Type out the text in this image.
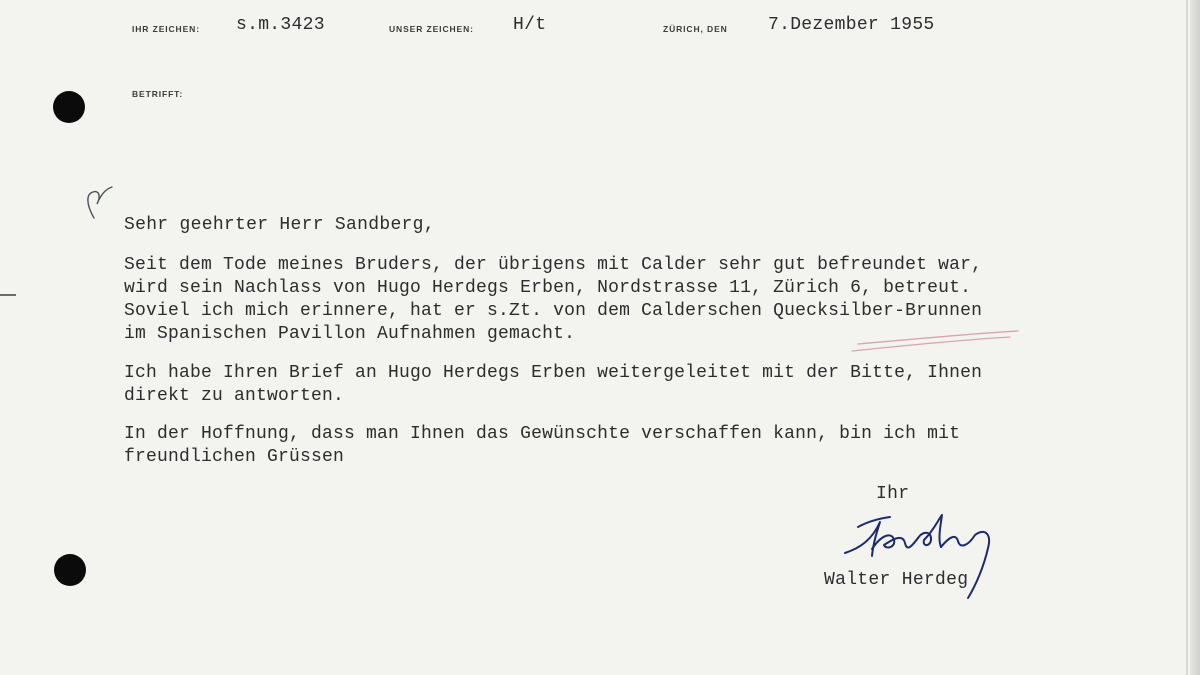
IHR ZEICHEN: s.m.3423	UNSER ZEICHEN: H/t	ZÜRICH, DEN 7.Dezember 1955
BETRIFFT:
Sehr geehrter Herr Sandberg,

Seit dem Tode meines Bruders, der übrigens mit Calder sehr gut befreundet war,
wird sein Nachlass von Hugo Herdegs Erben, Nordstrasse 11, Zürich 6, betreut.
Soviel ich mich erinnere, hat er s.Zt. von dem Calderschen Quecksilber-Brunnen
im Spanischen Pavillon Aufnahmen gemacht.

Ich habe Ihren Brief an Hugo Herdegs Erben weitergeleitet mit der Bitte, Ihnen
direkt zu antworten.

In der Hoffnung, dass man Ihnen das Gewünschte verschaffen kann, bin ich mit
freundlichen Grüssen

Ihr
Walter Herdeg
